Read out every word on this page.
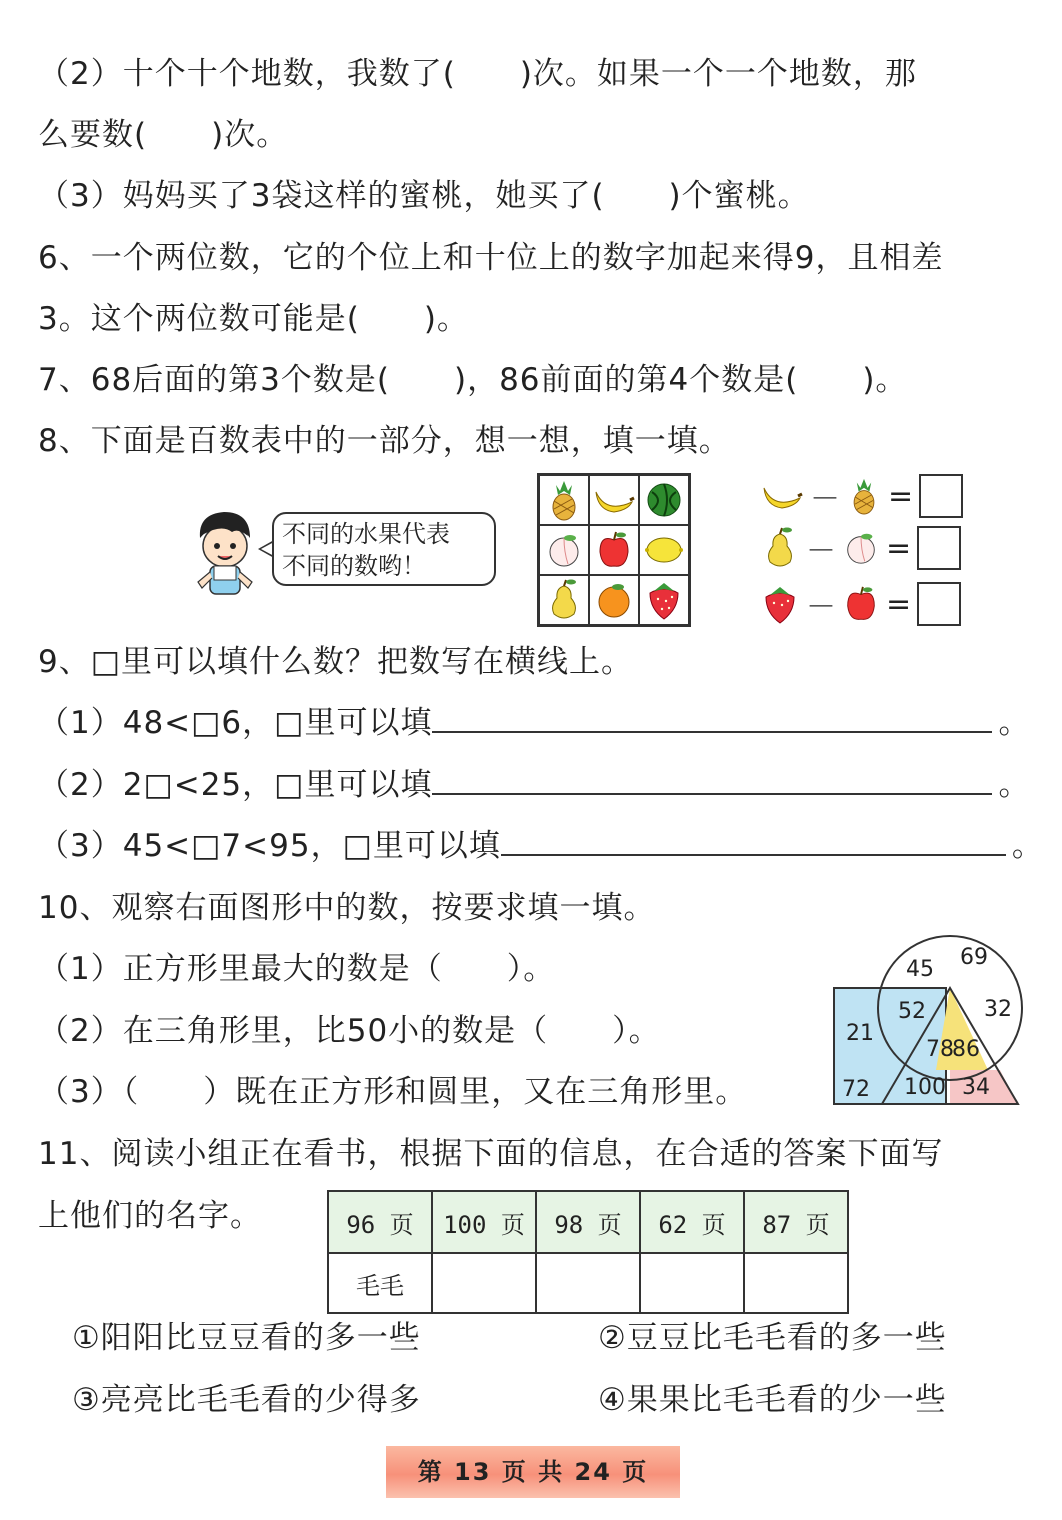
（2）十个十个地数，我数了(　　)次。如果一个一个地数，那
么要数(　　)次。
（3）妈妈买了3袋这样的蜜桃，她买了(　　)个蜜桃。
6、一个两位数，它的个位上和十位上的数字加起来得9，且相差
3。这个两位数可能是(　　)。
7、68后面的第3个数是(　　)，86前面的第4个数是(　　)。
8、下面是百数表中的一部分，想一想，填一填。
不同的水果代表
不同的数哟！
－ =
－ =
－ =
9、□里可以填什么数？把数写在横线上。
（1）48<□6，□里可以填	。
（2）2□<25，□里可以填	。
（3）45<□7<95，□里可以填	。
10、观察右面图形中的数，按要求填一填。
（1）正方形里最大的数是（　　）。
（2）在三角形里，比50小的数是（　　）。
（3）（　　）既在正方形和圆里，又在三角形里。
45 69
52	32
21
78
86
72 100 34
11、阅读小组正在看书，根据下面的信息，在合适的答案下面写
上他们的名字。	96 页	100 页	98 页	62 页	87 页
毛毛				
①阳阳比豆豆看的多一些	②豆豆比毛毛看的多一些
③亮亮比毛毛看的少得多	④果果比毛毛看的少一些
第 13 页 共 24 页
